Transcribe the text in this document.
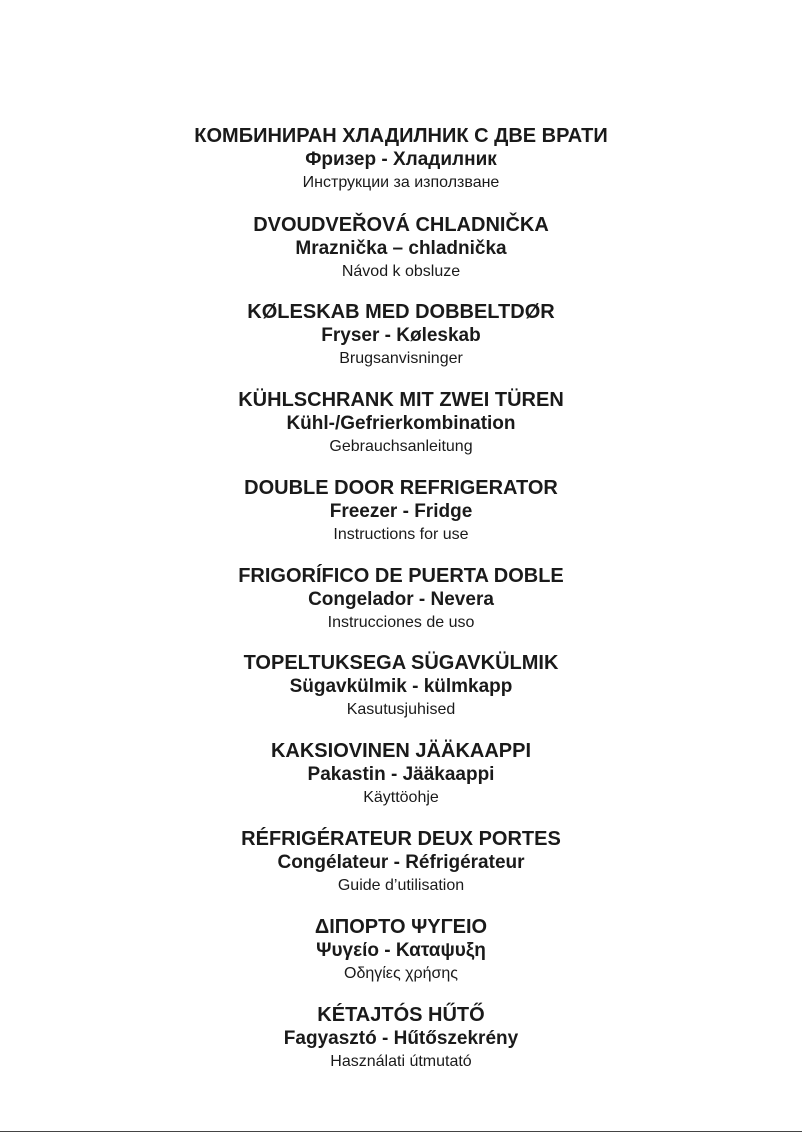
КОМБИНИРАН ХЛАДИЛНИК С ДВЕ ВРАТИ
Фризер - Хладилник
Инструкции за използване
DVOUDVEŘOVÁ CHLADNIČKA
Mraznička – chladnička
Návod k obsluze
KØLESKAB MED DOBBELTDØR
Fryser - Køleskab
Brugsanvisninger
KÜHLSCHRANK MIT ZWEI TÜREN
Kühl-/Gefrierkombination
Gebrauchsanleitung
DOUBLE DOOR REFRIGERATOR
Freezer - Fridge
Instructions for use
FRIGORÍFICO DE PUERTA DOBLE
Congelador - Nevera
Instrucciones de uso
TOPELTUKSEGA SÜGAVKÜLMIK
Sügavkülmik - külmkapp
Kasutusjuhised
KAKSIOVINEN JÄÄKAAPPI
Pakastin - Jääkaappi
Käyttöohje
RÉFRIGÉRATEUR DEUX PORTES
Congélateur - Réfrigérateur
Guide d’utilisation
ΔΙΠΟΡΤΟ ΨΥΓΕΙΟ
Ψυγείο - Καταψυξη
Οδηγίες χρήσης
KÉTAJTÓS HŰTŐ
Fagyasztó - Hűtőszekrény
Használati útmutató
